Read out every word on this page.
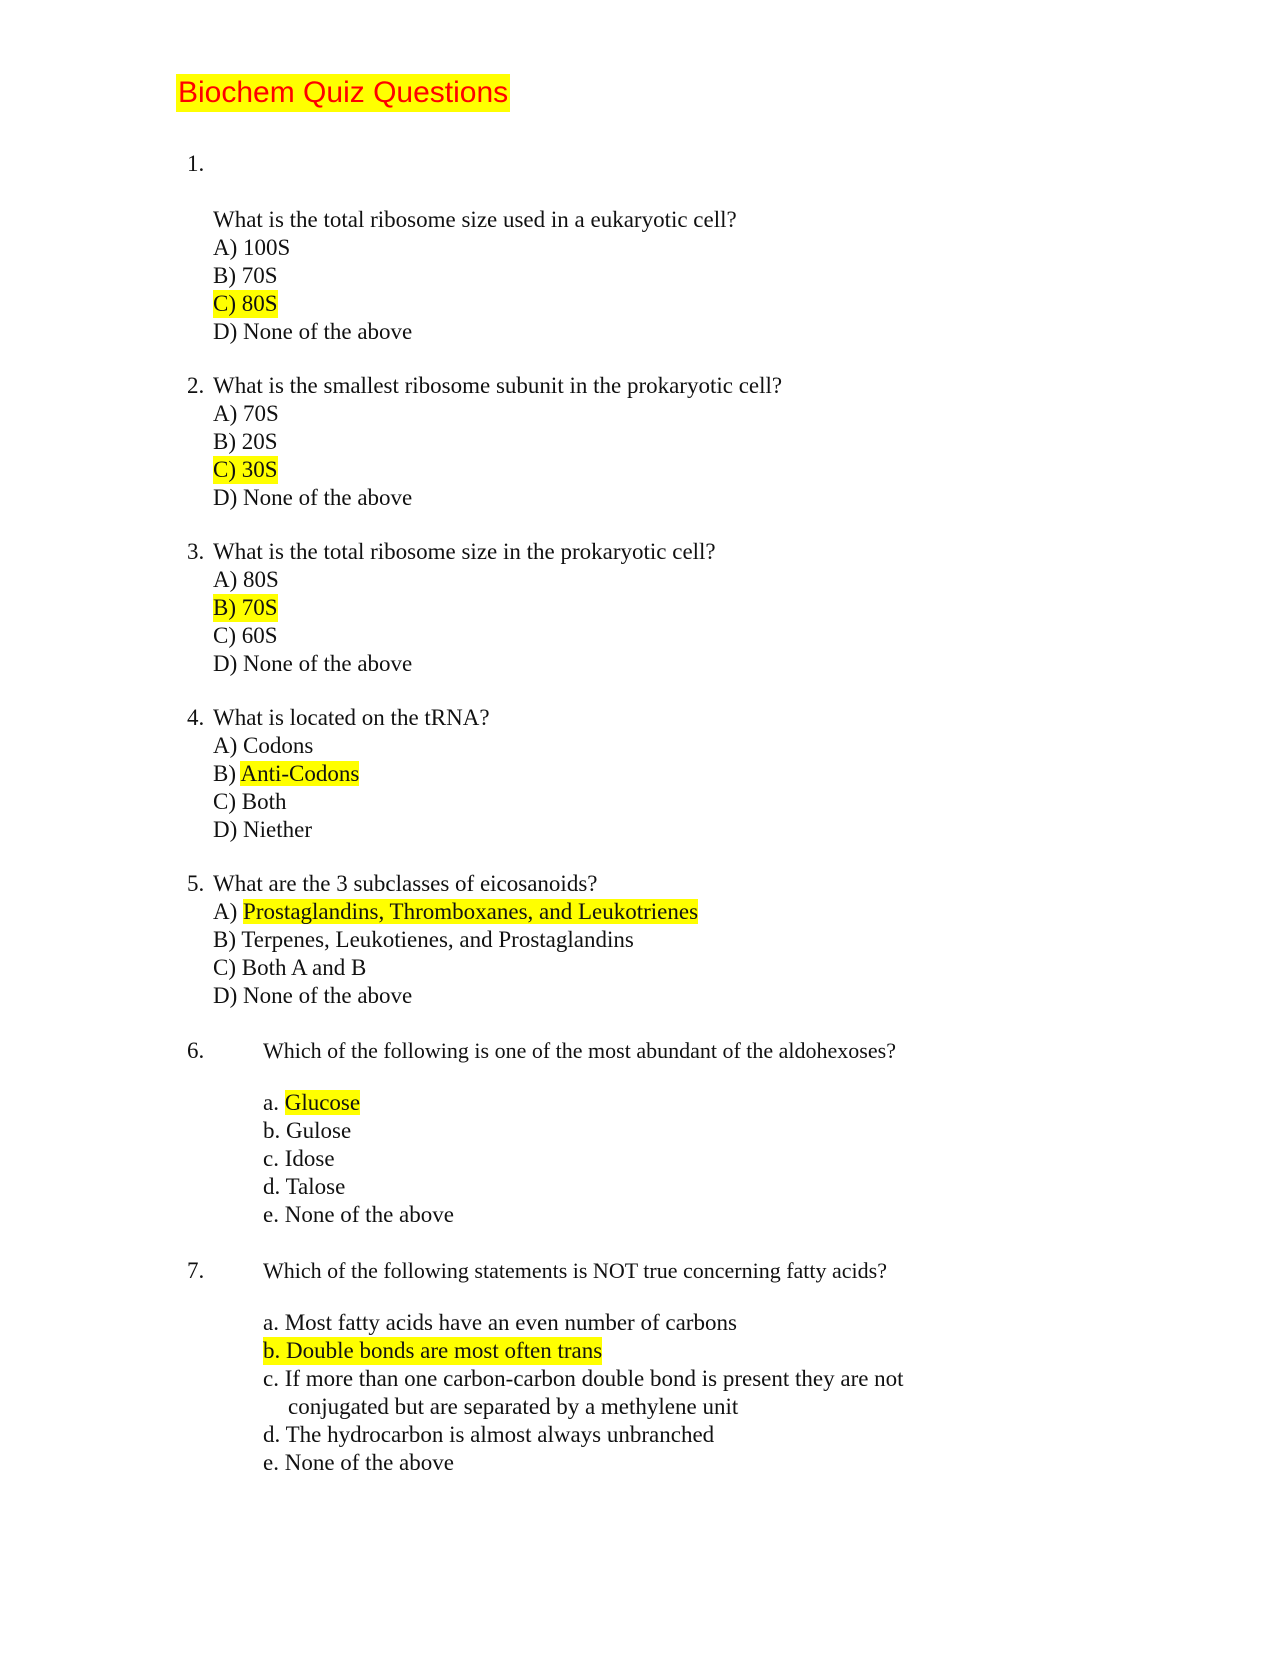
Biochem Quiz Questions
1.
What is the total ribosome size used in a eukaryotic cell?
A) 100S
B) 70S
C) 80S
D) None of the above
2. What is the smallest ribosome subunit in the prokaryotic cell?
A) 70S
B) 20S
C) 30S
D) None of the above
3. What is the total ribosome size in the prokaryotic cell?
A) 80S
B) 70S
C) 60S
D) None of the above
4. What is located on the tRNA?
A) Codons
B) Anti-Codons
C) Both
D) Niether
5. What are the 3 subclasses of eicosanoids?
A) Prostaglandins, Thromboxanes, and Leukotrienes
B) Terpenes, Leukotienes, and Prostaglandins
C) Both A and B
D) None of the above
6.	Which of the following is one of the most abundant of the aldohexoses?
a. Glucose
b. Gulose
c. Idose
d. Talose
e. None of the above
7.	Which of the following statements is NOT true concerning fatty acids?
a. Most fatty acids have an even number of carbons
b. Double bonds are most often trans
c. If more than one carbon-carbon double bond is present they are not
conjugated but are separated by a methylene unit
d. The hydrocarbon is almost always unbranched
e. None of the above
